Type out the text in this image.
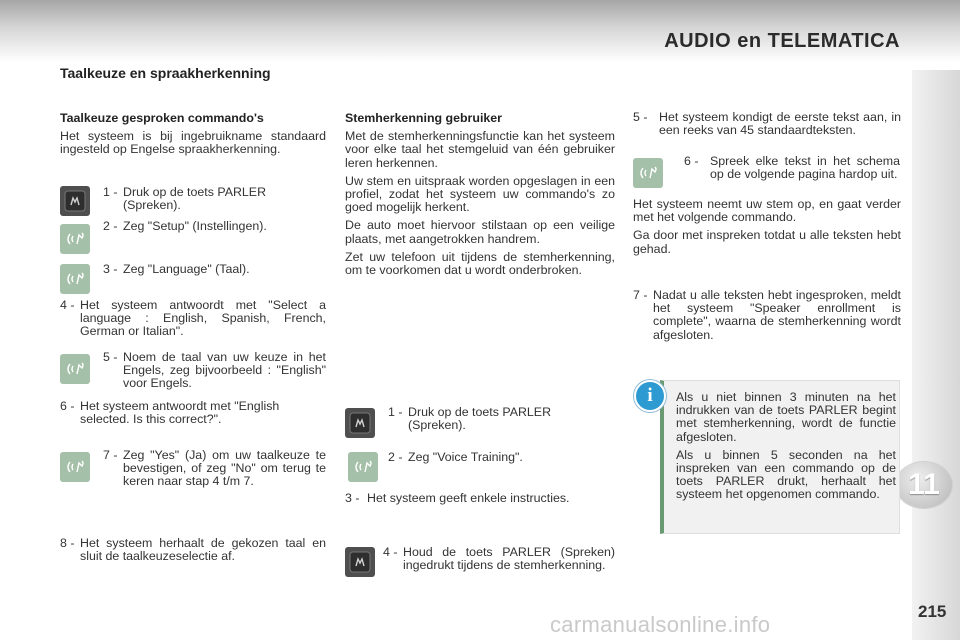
AUDIO en TELEMATICA
11
215
Taalkeuze en spraakherkenning

Taalkeuze gesproken commando's

Het systeem is bij ingebruikname standaard ingesteld op Engelse spraakherkenning.

1 - Druk op de toets PARLER (Spreken).
2 - Zeg "Setup" (Instellingen).
3 - Zeg "Language" (Taal).
4 - Het systeem antwoordt met "Select a language : English, Spanish, French, German or Italian".
5 - Noem de taal van uw keuze in het Engels, zeg bijvoorbeeld : "English" voor Engels.
6 - Het systeem antwoordt met "English selected. Is this correct?".
7 - Zeg "Yes" (Ja) om uw taalkeuze te bevestigen, of zeg "No" om terug te keren naar stap 4 t/m 7.
8 - Het systeem herhaalt de gekozen taal en sluit de taalkeuzeselectie af.

Stemherkenning gebruiker

Met de stemherkenningsfunctie kan het systeem voor elke taal het stemgeluid van één gebruiker leren herkennen.

Uw stem en uitspraak worden opgeslagen in een profiel, zodat het systeem uw commando's zo goed mogelijk herkent.

De auto moet hiervoor stilstaan op een veilige plaats, met aangetrokken handrem.

Zet uw telefoon uit tijdens de stemherkenning, om te voorkomen dat u wordt onderbroken.

1 - Druk op de toets PARLER (Spreken).
2 - Zeg "Voice Training".
3 - Het systeem geeft enkele instructies.
4 - Houd de toets PARLER (Spreken) ingedrukt tijdens de stemherkenning.
5 - Het systeem kondigt de eerste tekst aan, in een reeks van 45 standaardteksten.
6 - Spreek elke tekst in het schema op de volgende pagina hardop uit.

Het systeem neemt uw stem op, en gaat verder met het volgende commando.

Ga door met inspreken totdat u alle teksten hebt gehad.

7 - Nadat u alle teksten hebt ingesproken, meldt het systeem "Speaker enrollment is complete", waarna de stemherkenning wordt afgesloten.

Als u niet binnen 3 minuten na het indrukken van de toets PARLER begint met stemherkenning, wordt de functie afgesloten.

Als u binnen 5 seconden na het inspreken van een commando op de toets PARLER drukt, herhaalt het systeem het opgenomen commando.

i
carmanualsonline.info
